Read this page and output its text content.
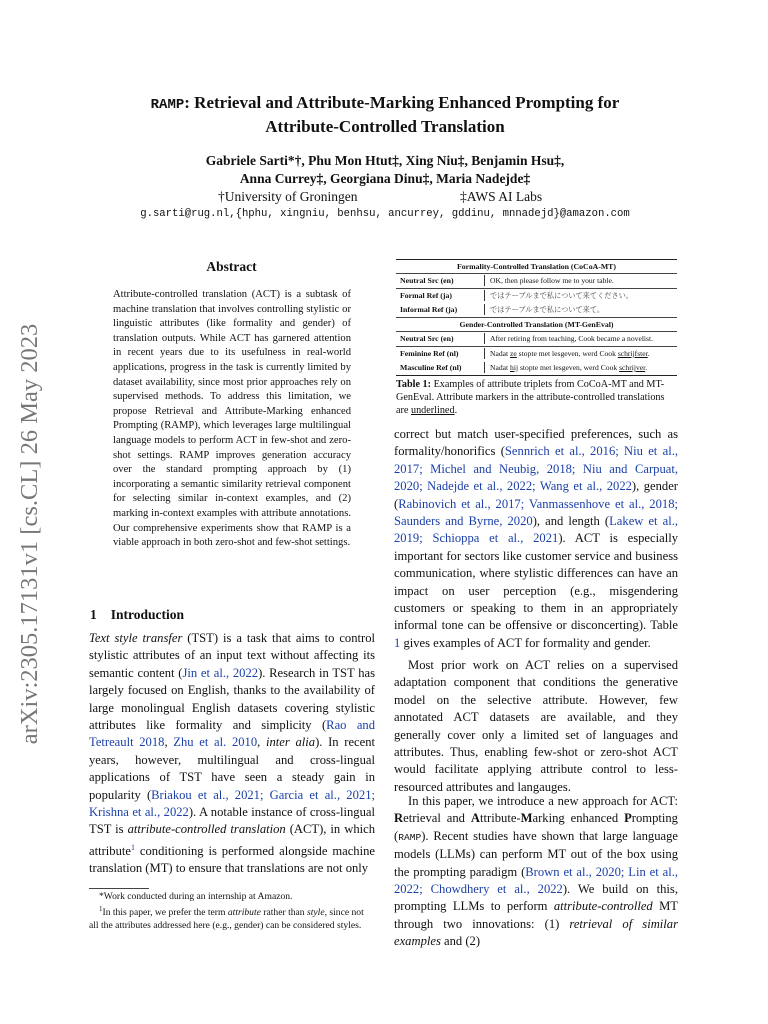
arXiv:2305.17131v1 [cs.CL] 26 May 2023
RAMP: Retrieval and Attribute-Marking Enhanced Prompting for
Attribute-Controlled Translation
Gabriele Sarti*†, Phu Mon Htut‡, Xing Niu‡, Benjamin Hsu‡,
Anna Currey‡, Georgiana Dinu‡, Maria Nadejde‡
†University of Groningen	‡AWS AI Labs
g.sarti@rug.nl,{hphu, xingniu, benhsu, ancurrey, gddinu, mnnadejd}@amazon.com
Abstract
Attribute-controlled translation (ACT) is a subtask of machine translation that involves controlling stylistic or linguistic attributes (like formality and gender) of translation outputs. While ACT has garnered attention in recent years due to its usefulness in real-world applications, progress in the task is currently limited by dataset availability, since most prior approaches rely on supervised methods. To address this limitation, we propose Retrieval and Attribute-Marking enhanced Prompting (RAMP), which leverages large multilingual language models to perform ACT in few-shot and zero-shot settings. RAMP improves generation accuracy over the standard prompting approach by (1) incorporating a semantic similarity retrieval component for selecting similar in-context examples, and (2) marking in-context examples with attribute annotations. Our comprehensive experiments show that RAMP is a viable approach in both zero-shot and few-shot settings.
1 Introduction
Text style transfer (TST) is a task that aims to control stylistic attributes of an input text without affecting its semantic content (Jin et al., 2022). Research in TST has largely focused on English, thanks to the availability of large monolingual English datasets covering stylistic attributes like formality and simplicity (Rao and Tetreault 2018, Zhu et al. 2010, inter alia). In recent years, however, multilingual and cross-lingual applications of TST have seen a steady gain in popularity (Briakou et al., 2021; Garcia et al., 2021; Krishna et al., 2022). A notable instance of cross-lingual TST is attribute-controlled translation (ACT), in which attribute$^1$ conditioning is performed alongside machine translation (MT) to ensure that translations are not only

*Work conducted during an internship at Amazon.

$^1$In this paper, we prefer the term attribute rather than style, since not all the attributes addressed here (e.g., gender) can be considered styles.

Formality-Controlled Translation (CoCoA-MT)
Neutral Src (en)	OK, then please follow me to your table.
Formal Ref (ja)	ではテーブルまで私について来てください。
Informal Ref (ja)	ではテーブルまで私について来て。
Gender-Controlled Translation (MT-GenEval)
Neutral Src (en)	After retiring from teaching, Cook became a novelist.
Feminine Ref (nl)	Nadat ze stopte met lesgeven, werd Cook schrijfster.
Masculine Ref (nl)	Nadat hij stopte met lesgeven, werd Cook schrijver.
Table 1: Examples of attribute triplets from CoCoA-MT and MT-GenEval. Attribute markers in the attribute-controlled translations are underlined.
correct but match user-specified preferences, such as formality/honorifics (Sennrich et al., 2016; Niu et al., 2017; Michel and Neubig, 2018; Niu and Carpuat, 2020; Nadejde et al., 2022; Wang et al., 2022), gender (Rabinovich et al., 2017; Vanmassenhove et al., 2018; Saunders and Byrne, 2020), and length (Lakew et al., 2019; Schioppa et al., 2021). ACT is especially important for sectors like customer service and business communication, where stylistic differences can have an impact on user perception (e.g., misgendering customers or speaking to them in an appropriately informal tone can be offensive or disconcerting). Table 1 gives examples of ACT for formality and gender.
Most prior work on ACT relies on a supervised adaptation component that conditions the generative model on the selective attribute. However, few annotated ACT datasets are available, and they generally cover only a limited set of languages and attributes. Thus, enabling few-shot or zero-shot ACT would facilitate applying attribute control to less-resourced attributes and langauges.
In this paper, we introduce a new approach for ACT: Retrieval and Attribute-Marking enhanced Prompting (RAMP). Recent studies have shown that large language models (LLMs) can perform MT out of the box using the prompting paradigm (Brown et al., 2020; Lin et al., 2022; Chowdhery et al., 2022). We build on this, prompting LLMs to perform attribute-controlled MT through two innovations: (1) retrieval of similar examples and (2)
